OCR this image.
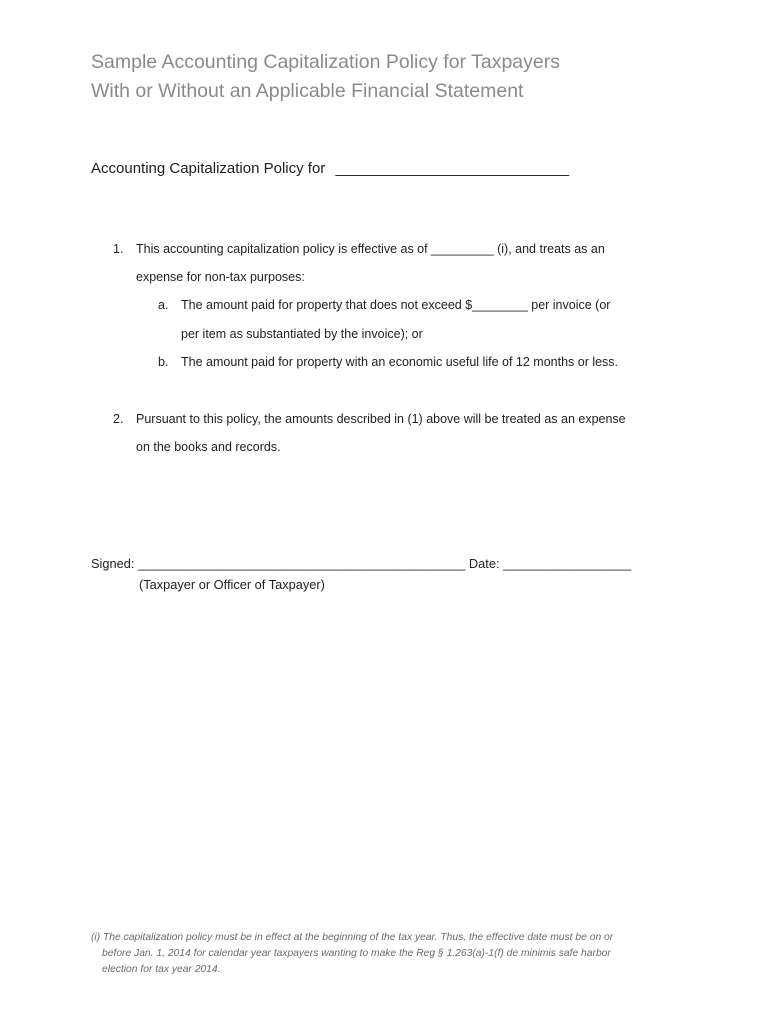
Sample Accounting Capitalization Policy for Taxpayers
With or Without an Applicable Financial Statement
Accounting Capitalization Policy for ____________________________
1. This accounting capitalization policy is effective as of _________ (i), and treats as an
expense for non-tax purposes:
a. The amount paid for property that does not exceed $________ per invoice (or
per item as substantiated by the invoice); or
b. The amount paid for property with an economic useful life of 12 months or less.
2. Pursuant to this policy, the amounts described in (1) above will be treated as an expense
on the books and records.
Signed: ______________________________________________ Date: __________________
(Taxpayer or Officer of Taxpayer)
(i) The capitalization policy must be in effect at the beginning of the tax year. Thus, the effective date must be on or
before Jan. 1, 2014 for calendar year taxpayers wanting to make the Reg § 1.263(a)-1(f) de minimis safe harbor
election for tax year 2014.
